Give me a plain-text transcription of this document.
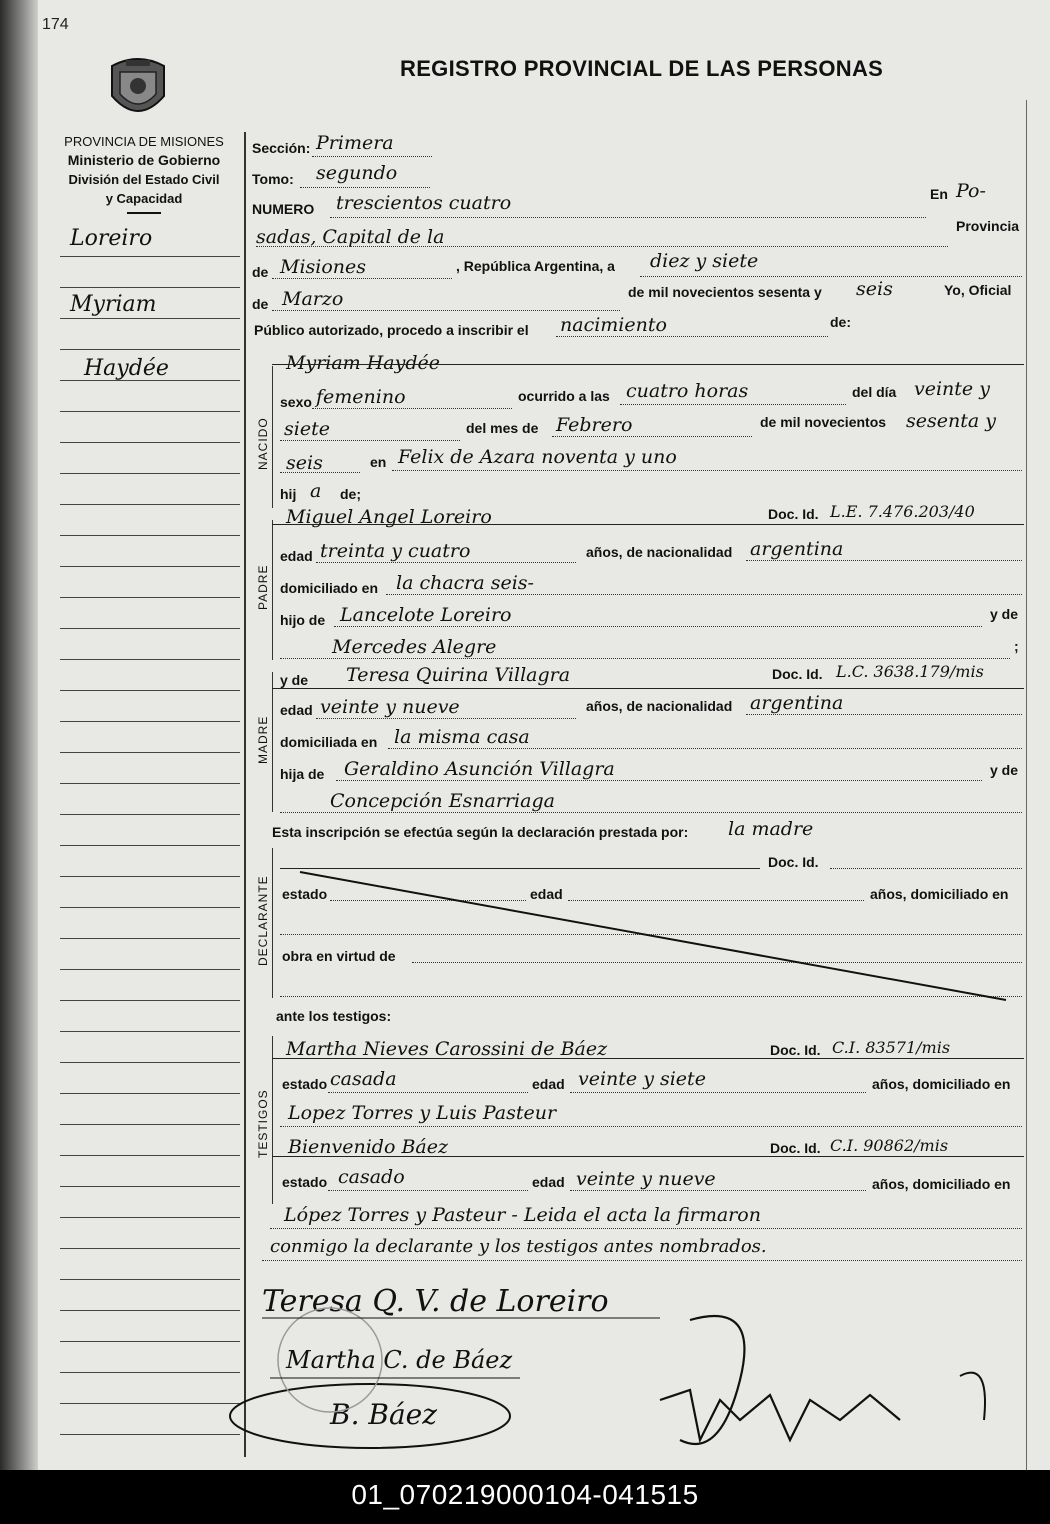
174
REGISTRO PROVINCIAL DE LAS PERSONAS
PROVINCIA DE MISIONES
Ministerio de Gobierno
División del Estado Civil
y Capacidad
Loreiro
Myriam
Haydée
Sección: Primera
Tomo: segundo
NUMERO trescientos cuatro	En Po-
sadas, Capital de la	Provincia
de Misiones	, República Argentina, a diez y siete
de Marzo	de mil novecientos sesenta y seis	Yo, Oficial
Público autorizado, procedo a inscribir el nacimiento	de:
NACIDO
Myriam Haydée
sexo femenino	ocurrido a las cuatro horas	del día veinte y
siete	del mes de Febrero	de mil novecientos sesenta y
seis	en Felix de Azara noventa y uno
hij a de;
PADRE
Miguel Angel Loreiro	Doc. Id. L.E. 7.476.203/40
edad treinta y cuatro	años, de nacionalidad argentina
domiciliado en la chacra seis-
hijo de Lancelote Loreiro	y de
Mercedes Alegre	;
MADRE
y de Teresa Quirina Villagra	Doc. Id. L.C. 3638.179/mis
edad veinte y nueve	años, de nacionalidad argentina
domiciliada en la misma casa
hija de Geraldino Asunción Villagra	y de
Concepción Esnarriaga
Esta inscripción se efectúa según la declaración prestada por: la madre
DECLARANTE
Doc. Id.
estado	edad	años, domiciliado en
obra en virtud de
ante los testigos:
TESTIGOS
Martha Nieves Carossini de Báez	Doc. Id. C.I. 83571/mis
estado casada	edad veinte y siete	años, domiciliado en
Lopez Torres y Luis Pasteur
Bienvenido Báez	Doc. Id. C.I. 90862/mis
estado casado	edad veinte y nueve	años, domiciliado en
López Torres y Pasteur - Leida el acta la firmaron
conmigo la declarante y los testigos antes nombrados.
Teresa Q. V. de Loreiro
Martha C. de Báez
B. Báez
01_070219000104-041515
